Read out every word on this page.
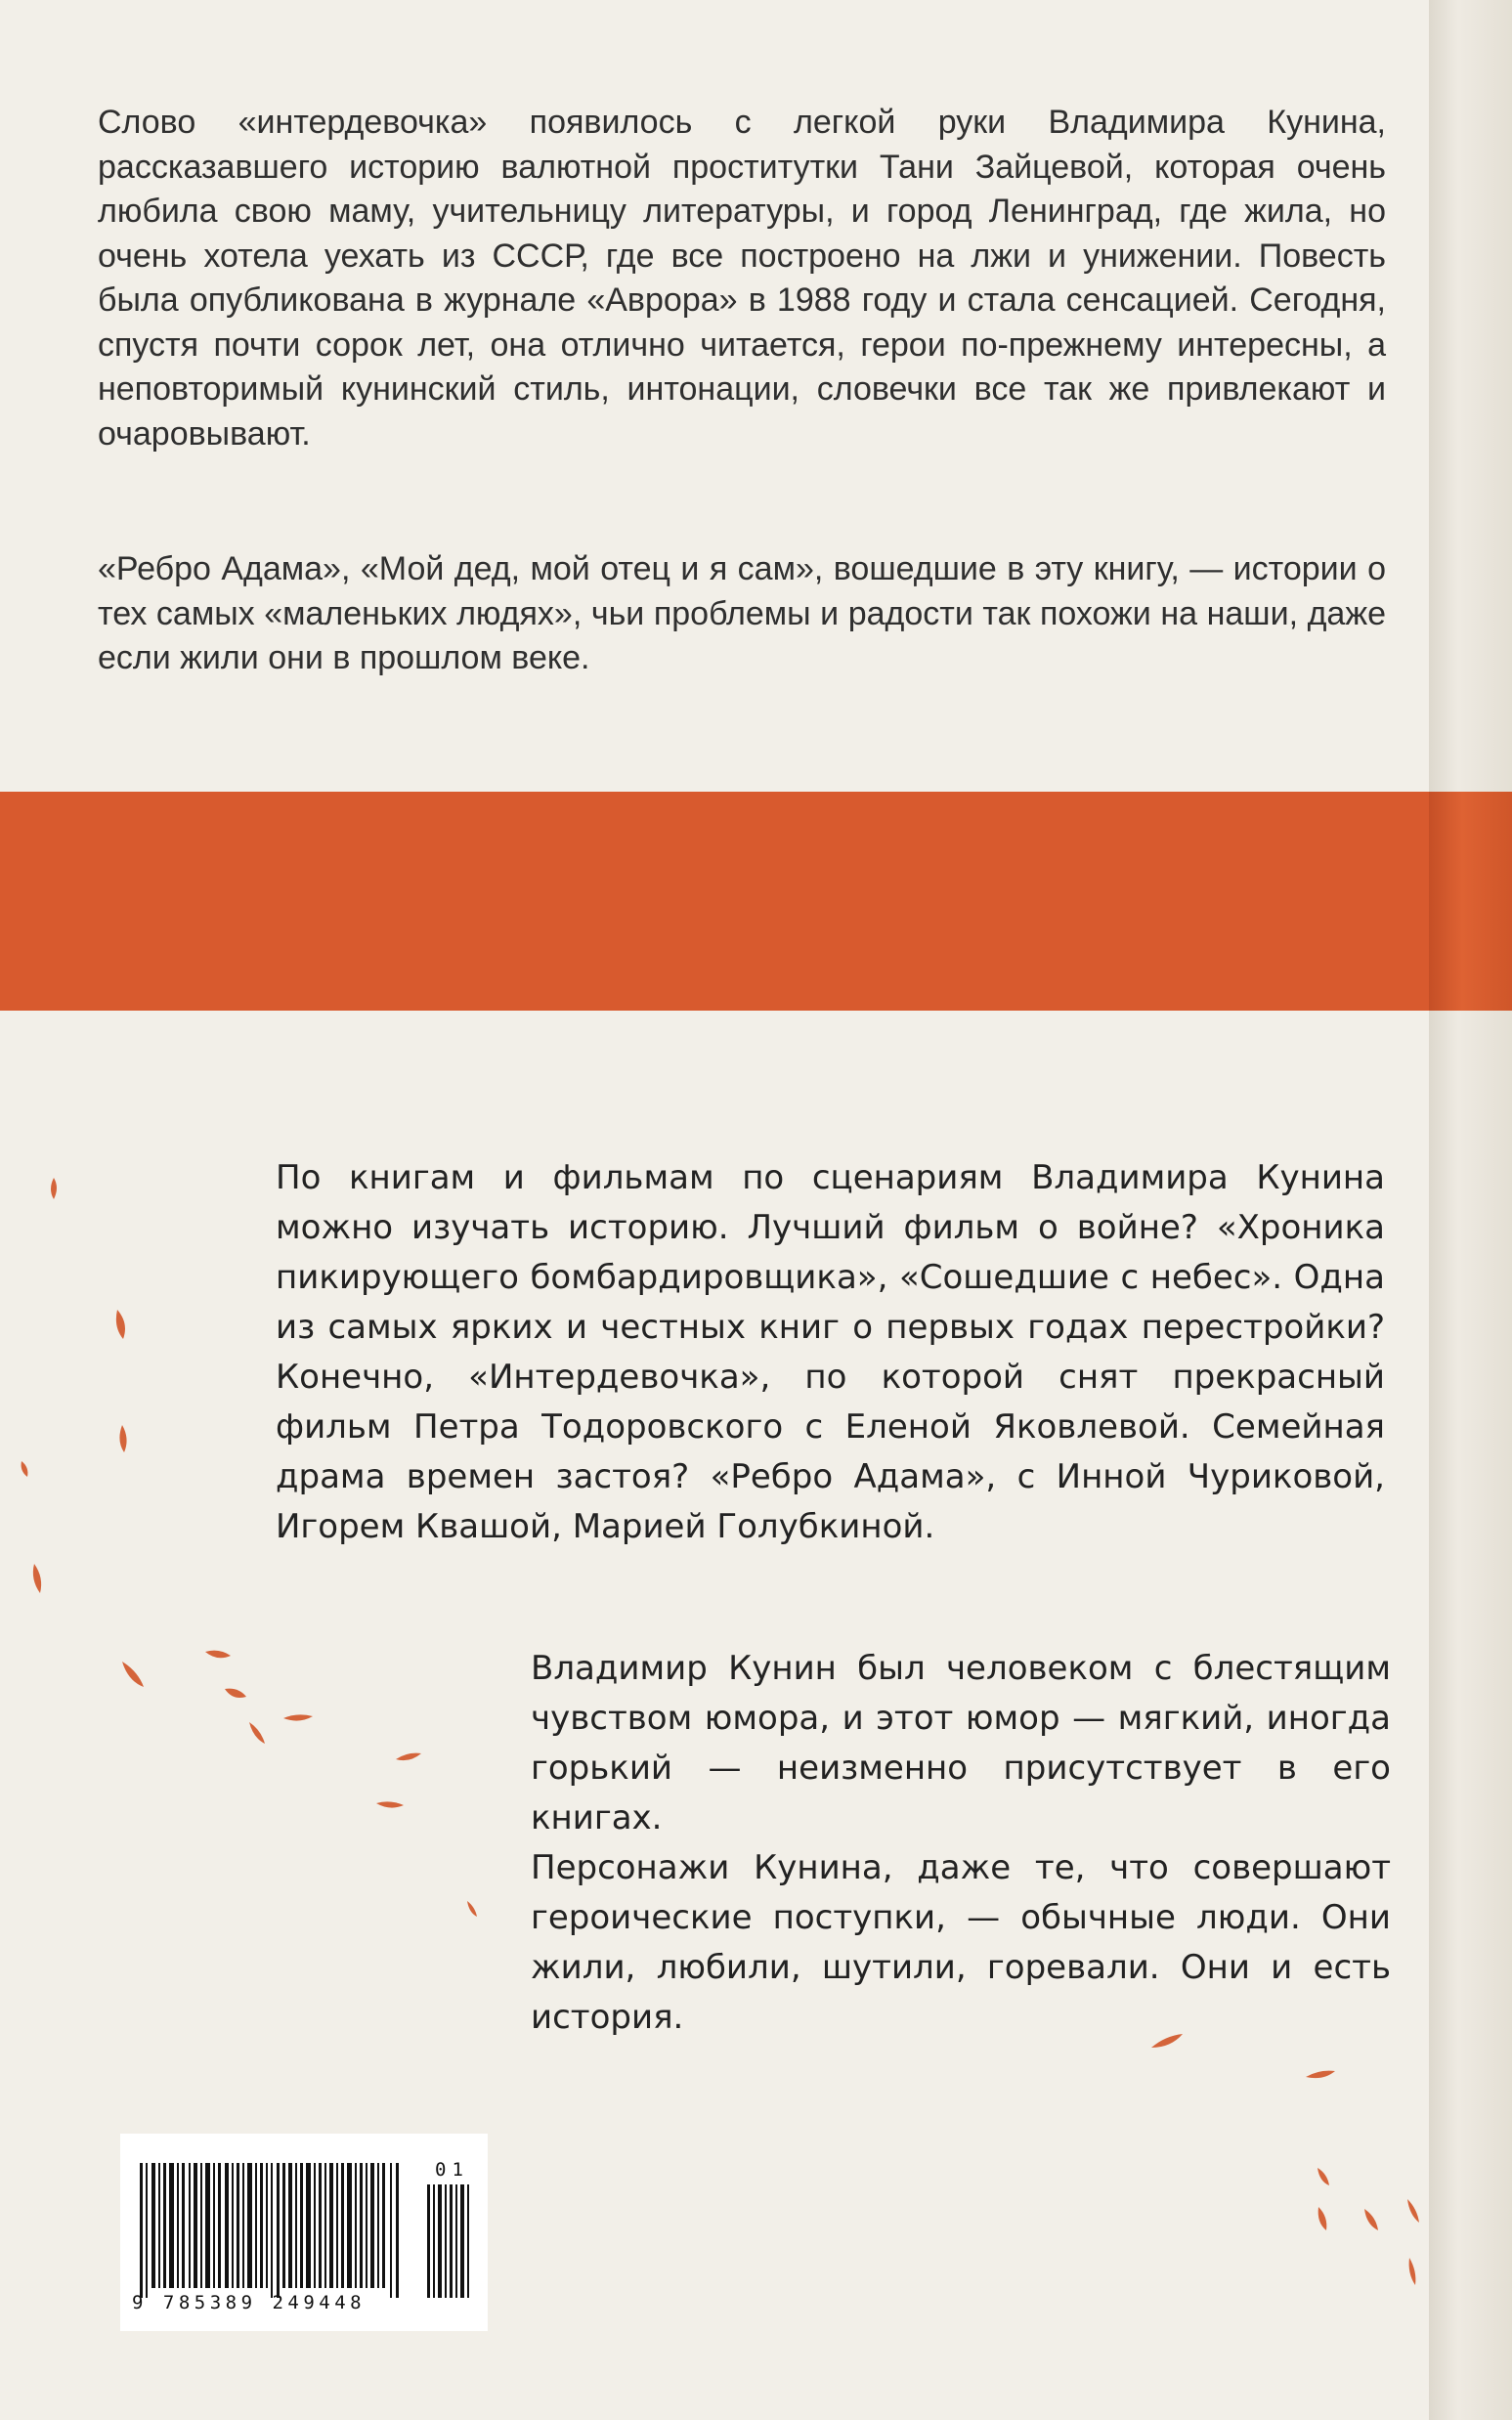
Слово «интердевочка» появилось с легкой руки Владимира Кунина, рассказавшего историю валютной проститутки Тани Зайцевой, которая очень любила свою маму, учительницу литературы, и город Ленинград, где жила, но очень хотела уехать из СССР, где все построено на лжи и унижении. Повесть была опубликована в журнале «Аврора» в 1988 году и стала сенсацией. Сегодня, спустя почти сорок лет, она отлично читается, герои по-прежнему интересны, а неповторимый кунинский стиль, интонации, словечки все так же привлекают и очаровывают.

«Ребро Адама», «Мой дед, мой отец и я сам», вошедшие в эту книгу, — истории о тех самых «маленьких людях», чьи проблемы и радости так похожи на наши, даже если жили они в прошлом веке.

По книгам и фильмам по сценариям Владимира Кунина можно изучать историю. Лучший фильм о войне? «Хроника пикирующего бомбардировщика», «Сошедшие с небес». Одна из самых ярких и честных книг о первых годах перестройки? Конечно, «Интердевочка», по которой снят прекрасный фильм Петра Тодоровского с Еленой Яковлевой. Семейная драма времен застоя? «Ребро Адама», с Инной Чуриковой, Игорем Квашой, Марией Голубкиной.

Владимир Кунин был человеком с блестящим чувством юмора, и этот юмор — мягкий, иногда горький — неизменно присутствует в его книгах.
Персонажи Кунина, даже те, что совершают героические поступки, — обычные люди. Они жили, любили, шутили, горевали. Они и есть история.
01
9 785389 249448
